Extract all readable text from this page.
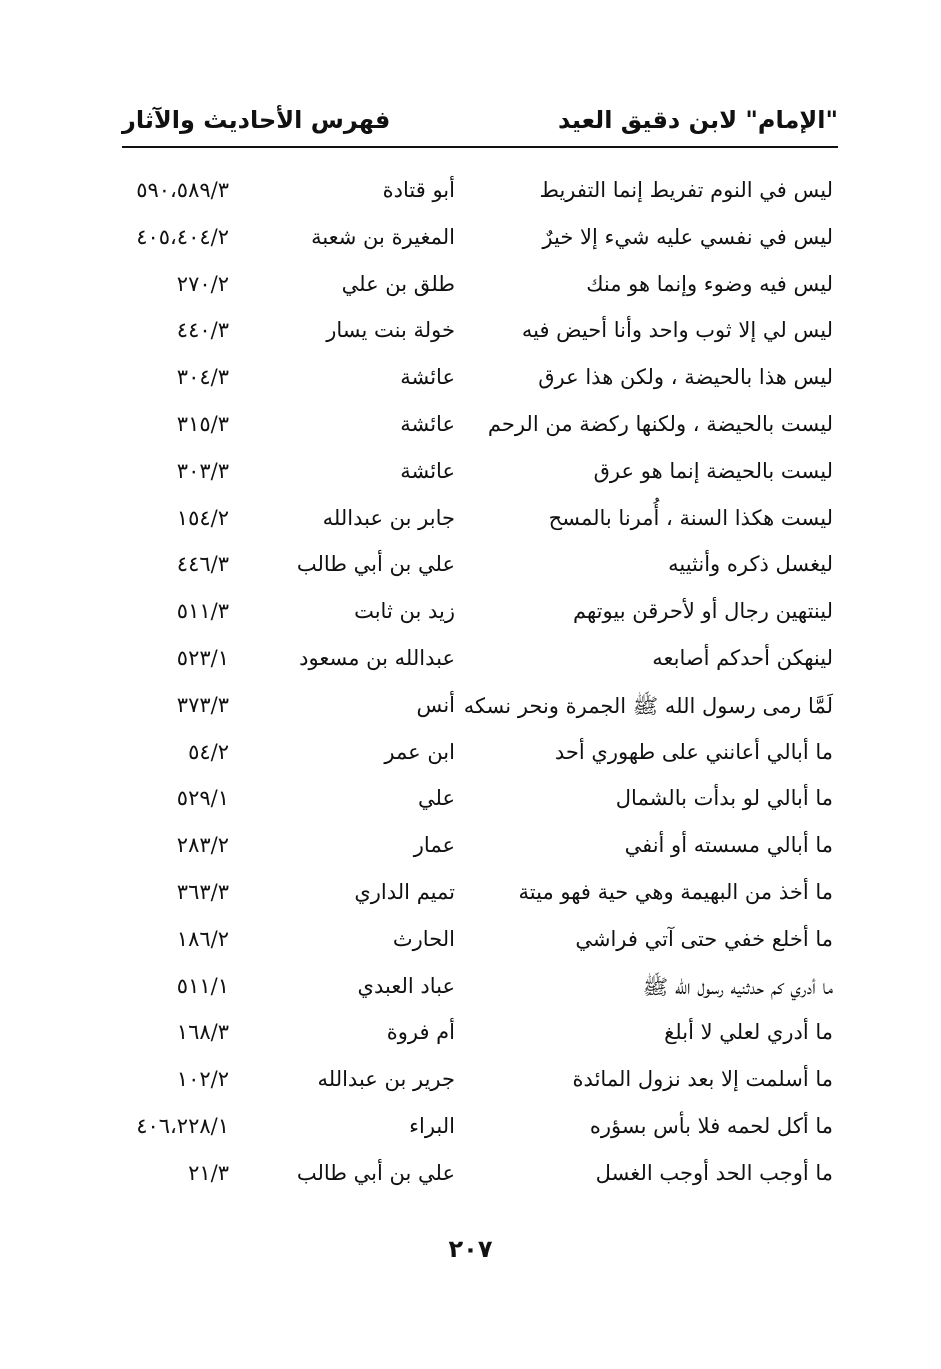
"الإمام" لابن دقيق العيد
فهرس الأحاديث والآثار
ليس في النوم تفريط إنما التفريط
أبو قتادة
٥٩٠،٥٨٩/٣
ليس في نفسي عليه شيء إلا خيرٌ
المغيرة بن شعبة
٤٠٥،٤٠٤/٢
ليس فيه وضوء وإنما هو منك
طلق بن علي
٢٧٠/٢
ليس لي إلا ثوب واحد وأنا أحيض فيه
خولة بنت يسار
٤٤٠/٣
ليس هذا بالحيضة ، ولكن هذا عرق
عائشة
٣٠٤/٣
ليست بالحيضة ، ولكنها ركضة من الرحم
عائشة
٣١٥/٣
ليست بالحيضة إنما هو عرق
عائشة
٣٠٣/٣
ليست هكذا السنة ، أُمرنا بالمسح
جابر بن عبدالله
١٥٤/٢
ليغسل ذكره وأنثييه
علي بن أبي طالب
٤٤٦/٣
لينتهين رجال أو لأحرقن بيوتهم
زيد بن ثابت
٥١١/٣
لينهكن أحدكم أصابعه
عبدالله بن مسعود
٥٢٣/١
لَمَّا رمى رسول الله ﷺ الجمرة ونحر نسكه
أنس
٣٧٣/٣
ما أبالي أعانني على طهوري أحد
ابن عمر
٥٤/٢
ما أبالي لو بدأت بالشمال
علي
٥٢٩/١
ما أبالي مسسته أو أنفي
عمار
٢٨٣/٢
ما أخذ من البهيمة وهي حية فهو ميتة
تميم الداري
٣٦٣/٣
ما أخلع خفي حتى آتي فراشي
الحارث
١٨٦/٢
ما أدري كم حدثنيه رسول الله ﷺ
عباد العبدي
٥١١/١
ما أدري لعلي لا أبلغ
أم فروة
١٦٨/٣
ما أسلمت إلا بعد نزول المائدة
جرير بن عبدالله
١٠٢/٢
ما أكل لحمه فلا بأس بسؤره
البراء
٤٠٦،٢٢٨/١
ما أوجب الحد أوجب الغسل
علي بن أبي طالب
٢١/٣
٢٠٧
